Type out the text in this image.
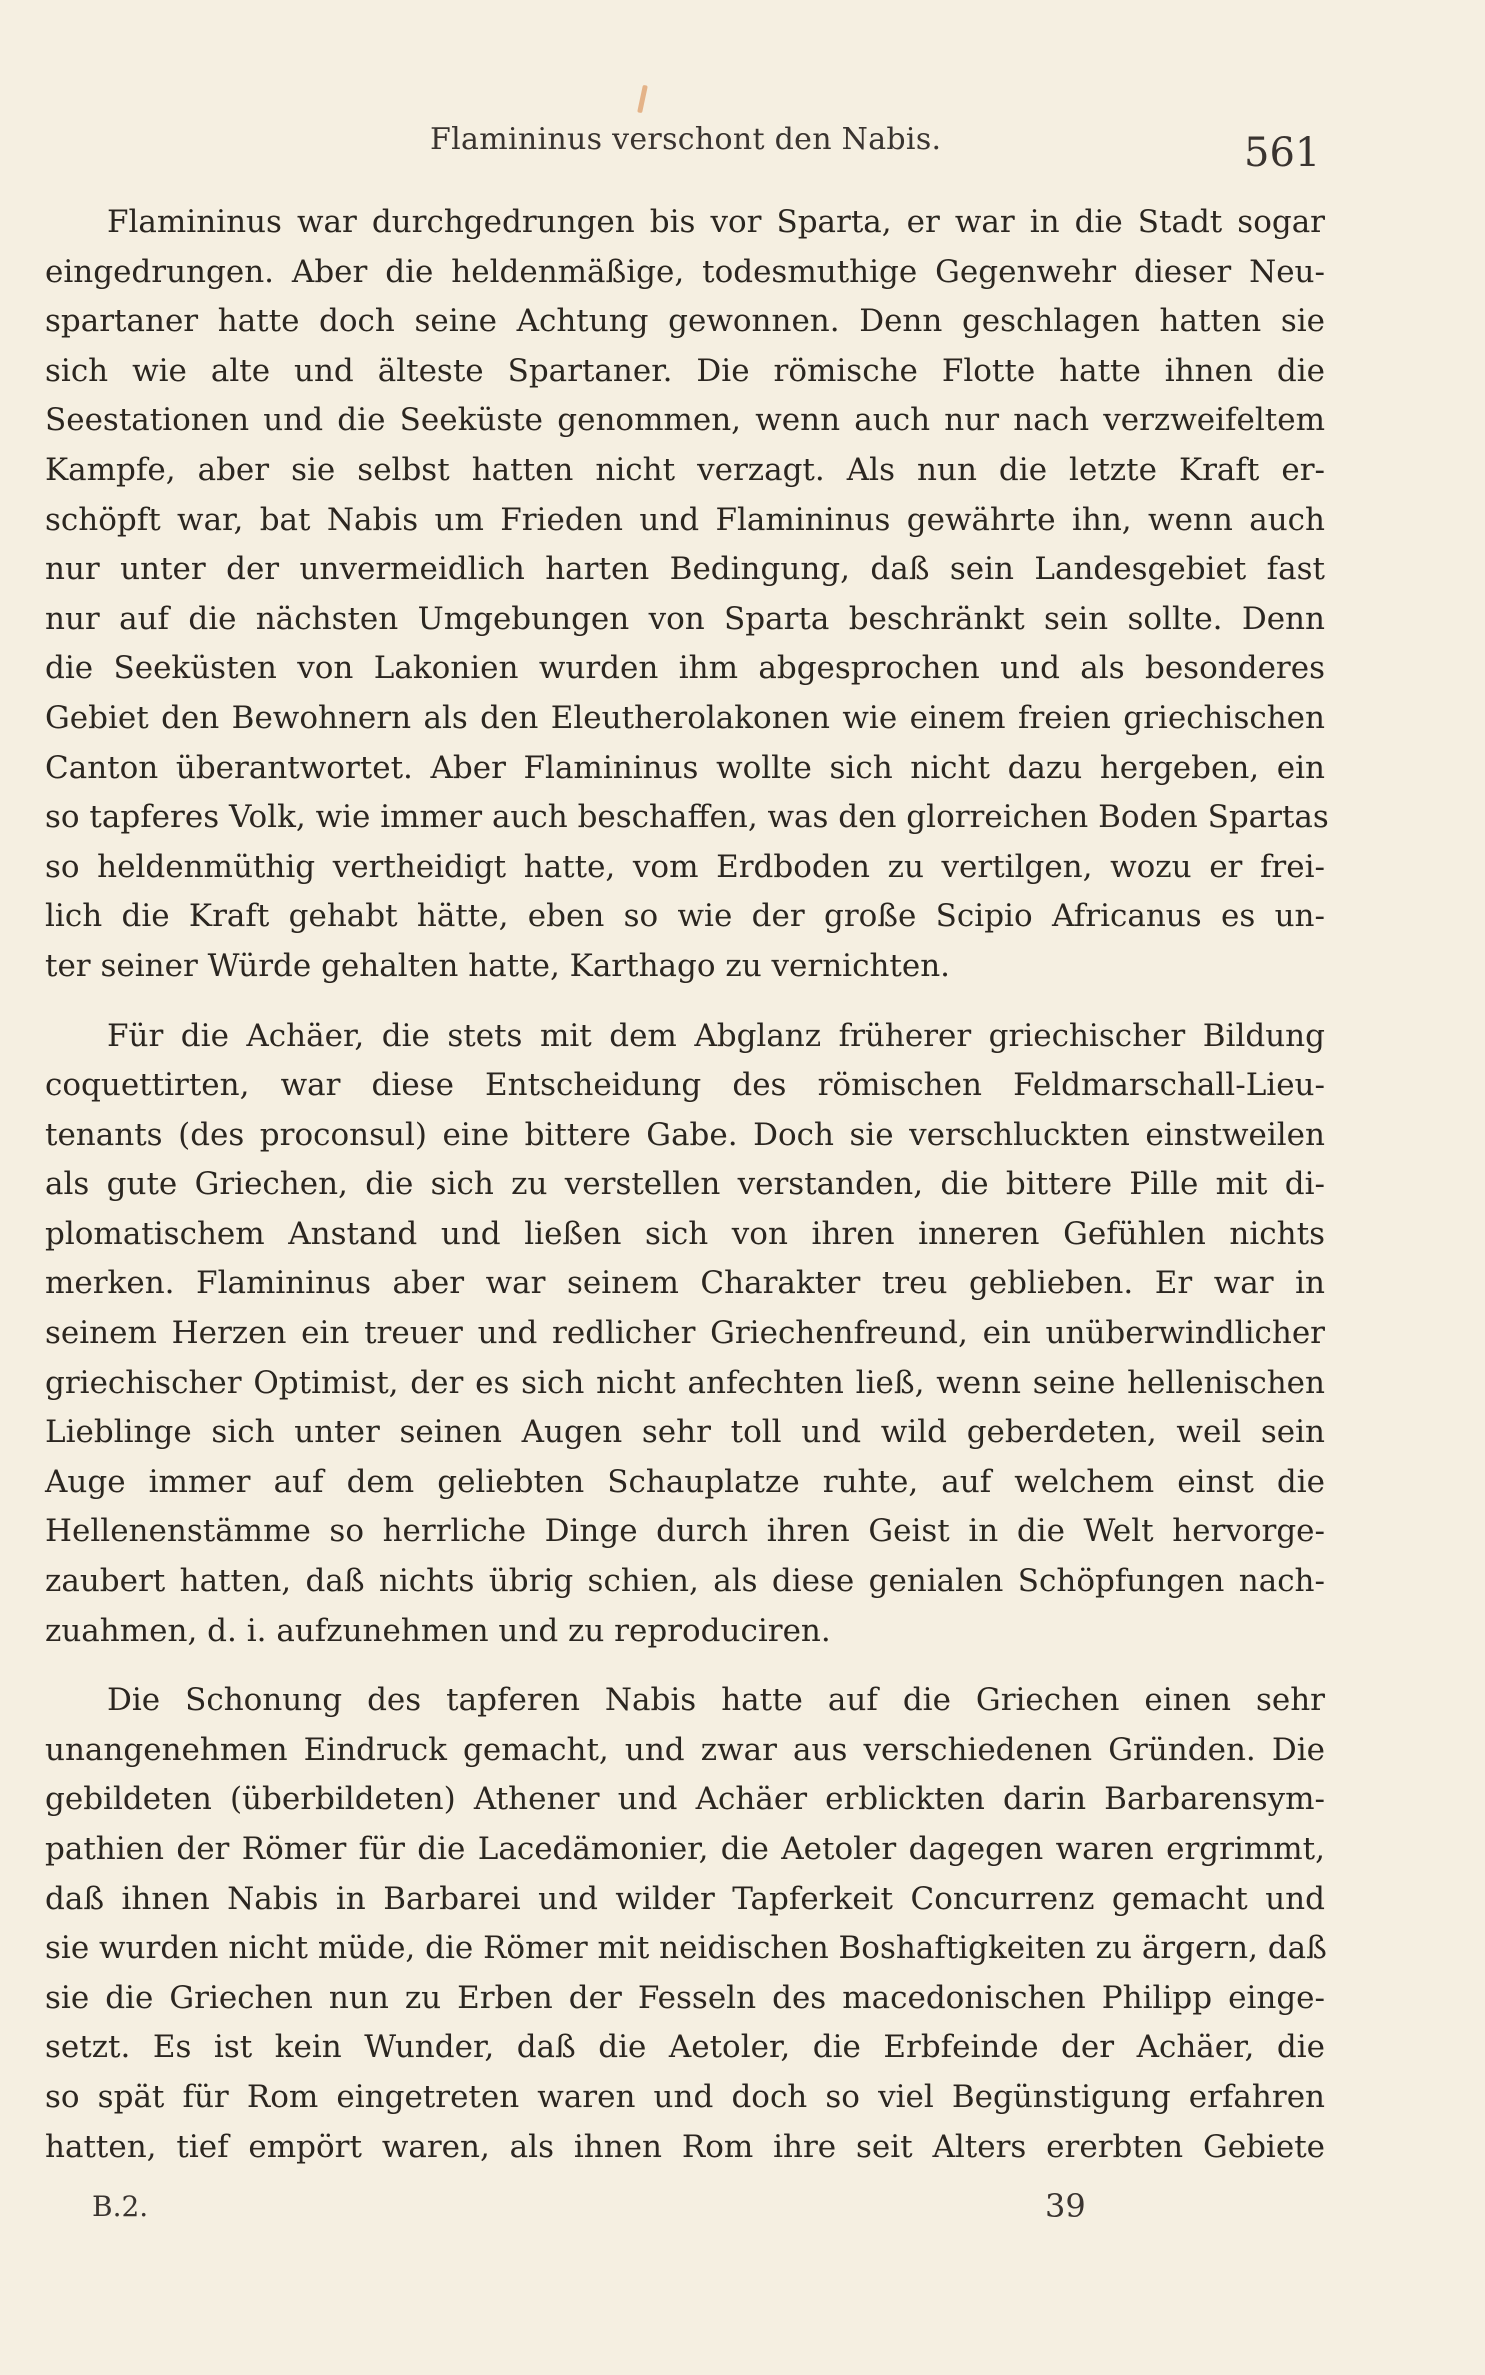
Flamininus verschont den Nabis.	561

Flamininus war durchgedrungen bis vor Sparta, er war in die Stadt sogar

eingedrungen. Aber die heldenmäßige, todesmuthige Gegenwehr dieser Neu-

spartaner hatte doch seine Achtung gewonnen. Denn geschlagen hatten sie

sich wie alte und älteste Spartaner. Die römische Flotte hatte ihnen die

Seestationen und die Seeküste genommen, wenn auch nur nach verzweifeltem

Kampfe, aber sie selbst hatten nicht verzagt. Als nun die letzte Kraft er-

schöpft war, bat Nabis um Frieden und Flamininus gewährte ihn, wenn auch

nur unter der unvermeidlich harten Bedingung, daß sein Landesgebiet fast

nur auf die nächsten Umgebungen von Sparta beschränkt sein sollte. Denn

die Seeküsten von Lakonien wurden ihm abgesprochen und als besonderes

Gebiet den Bewohnern als den Eleutherolakonen wie einem freien griechischen

Canton überantwortet. Aber Flamininus wollte sich nicht dazu hergeben, ein

so tapferes Volk, wie immer auch beschaffen, was den glorreichen Boden Spartas

so heldenmüthig vertheidigt hatte, vom Erdboden zu vertilgen, wozu er frei-

lich die Kraft gehabt hätte, eben so wie der große Scipio Africanus es un-

ter seiner Würde gehalten hatte, Karthago zu vernichten.

Für die Achäer, die stets mit dem Abglanz früherer griechischer Bildung

coquettirten, war diese Entscheidung des römischen Feldmarschall-Lieu-

tenants (des proconsul) eine bittere Gabe. Doch sie verschluckten einstweilen

als gute Griechen, die sich zu verstellen verstanden, die bittere Pille mit di-

plomatischem Anstand und ließen sich von ihren inneren Gefühlen nichts

merken. Flamininus aber war seinem Charakter treu geblieben. Er war in

seinem Herzen ein treuer und redlicher Griechenfreund, ein unüberwindlicher

griechischer Optimist, der es sich nicht anfechten ließ, wenn seine hellenischen

Lieblinge sich unter seinen Augen sehr toll und wild geberdeten, weil sein

Auge immer auf dem geliebten Schauplatze ruhte, auf welchem einst die

Hellenenstämme so herrliche Dinge durch ihren Geist in die Welt hervorge-

zaubert hatten, daß nichts übrig schien, als diese genialen Schöpfungen nach-

zuahmen, d. i. aufzunehmen und zu reproduciren.

Die Schonung des tapferen Nabis hatte auf die Griechen einen sehr

unangenehmen Eindruck gemacht, und zwar aus verschiedenen Gründen. Die

gebildeten (überbildeten) Athener und Achäer erblickten darin Barbarensym-

pathien der Römer für die Lacedämonier, die Aetoler dagegen waren ergrimmt,

daß ihnen Nabis in Barbarei und wilder Tapferkeit Concurrenz gemacht und

sie wurden nicht müde, die Römer mit neidischen Boshaftigkeiten zu ärgern, daß

sie die Griechen nun zu Erben der Fesseln des macedonischen Philipp einge-

setzt. Es ist kein Wunder, daß die Aetoler, die Erbfeinde der Achäer, die

so spät für Rom eingetreten waren und doch so viel Begünstigung erfahren

hatten, tief empört waren, als ihnen Rom ihre seit Alters ererbten Gebiete

B.2.	39
